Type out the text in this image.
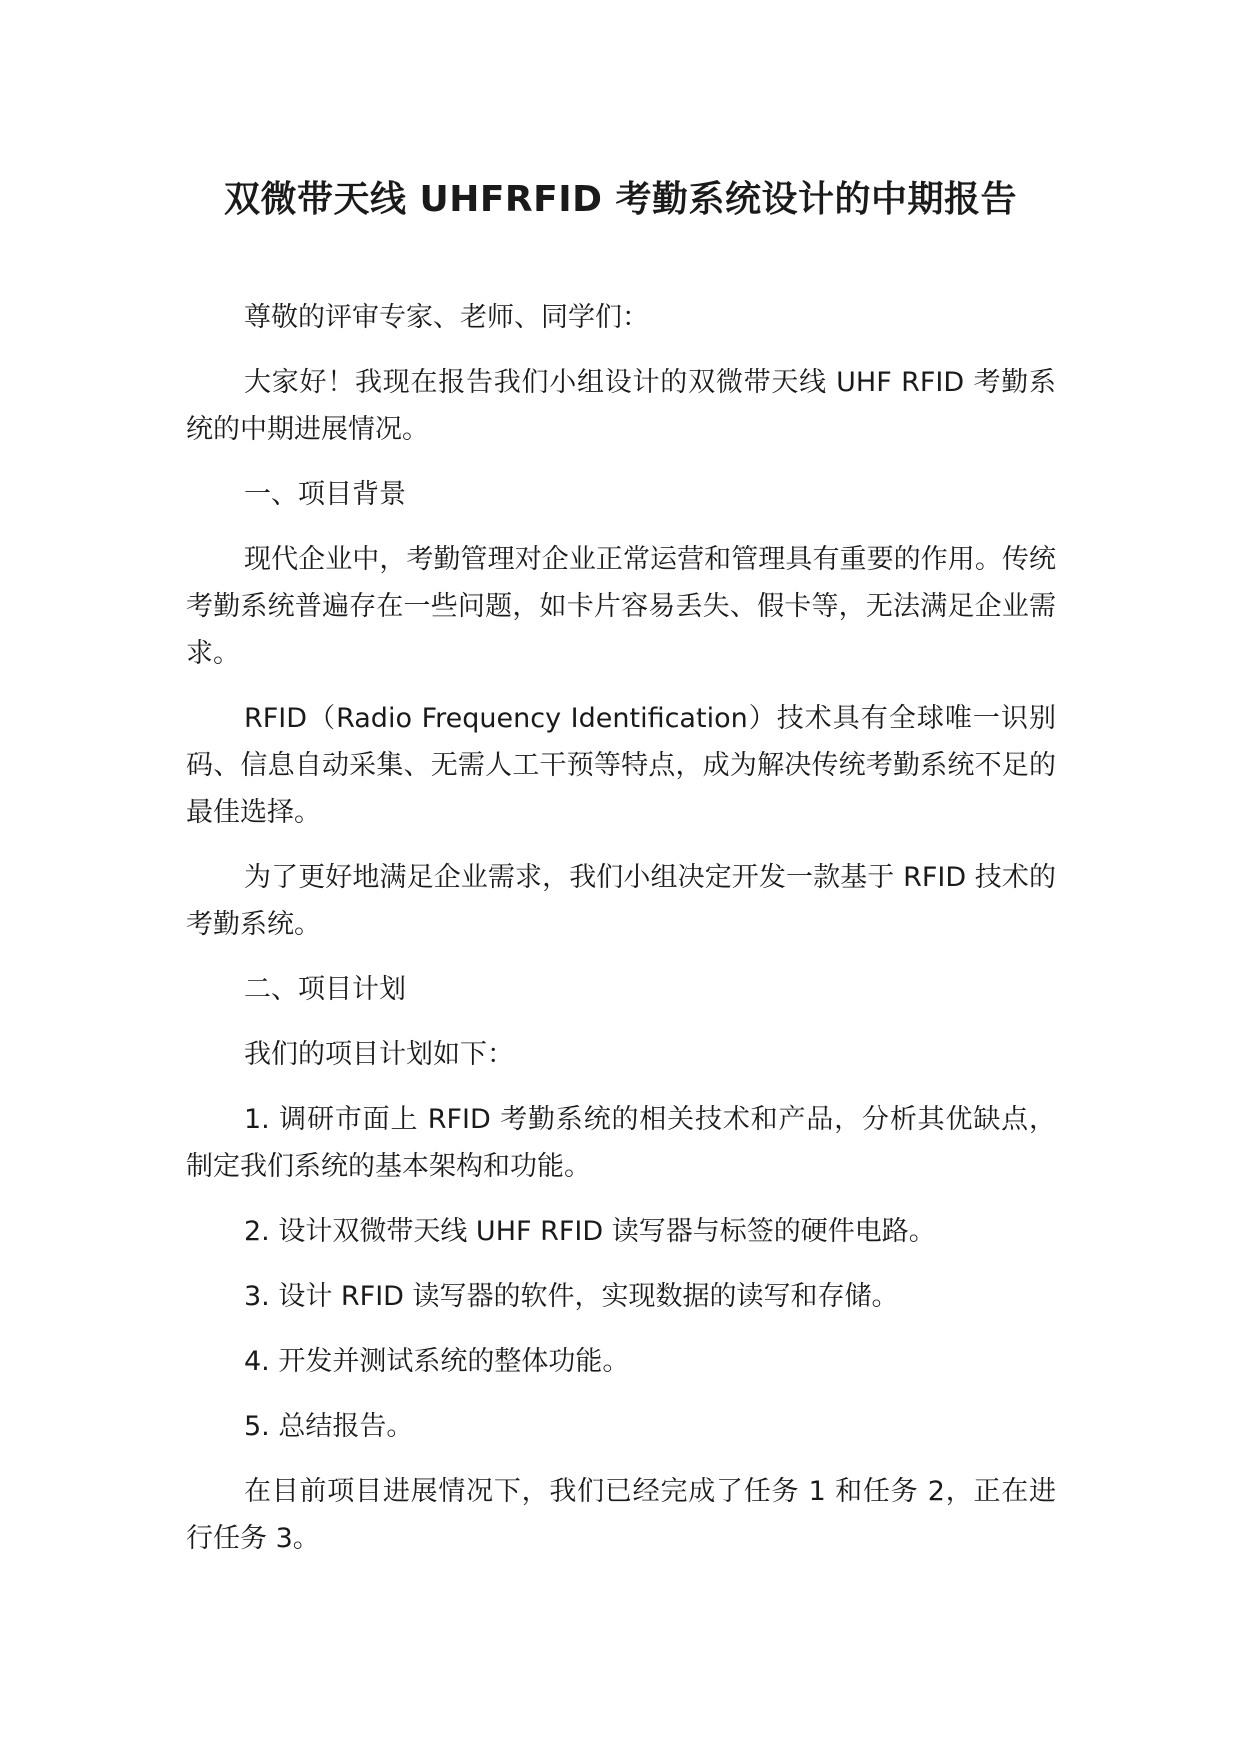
双微带天线 UHFRFID 考勤系统设计的中期报告

尊敬的评审专家、老师、同学们：

大家好！我现在报告我们小组设计的双微带天线 UHF RFID 考勤系统的中期进展情况。

一、项目背景

现代企业中，考勤管理对企业正常运营和管理具有重要的作用。传统考勤系统普遍存在一些问题，如卡片容易丢失、假卡等，无法满足企业需求。

RFID（Radio Frequency Identification）技术具有全球唯一识别码、信息自动采集、无需人工干预等特点，成为解决传统考勤系统不足的最佳选择。

为了更好地满足企业需求，我们小组决定开发一款基于 RFID 技术的考勤系统。

二、项目计划

我们的项目计划如下：

1. 调研市面上 RFID 考勤系统的相关技术和产品，分析其优缺点，制定我们系统的基本架构和功能。

2. 设计双微带天线 UHF RFID 读写器与标签的硬件电路。

3. 设计 RFID 读写器的软件，实现数据的读写和存储。

4. 开发并测试系统的整体功能。

5. 总结报告。

在目前项目进展情况下，我们已经完成了任务 1 和任务 2，正在进行任务 3。
